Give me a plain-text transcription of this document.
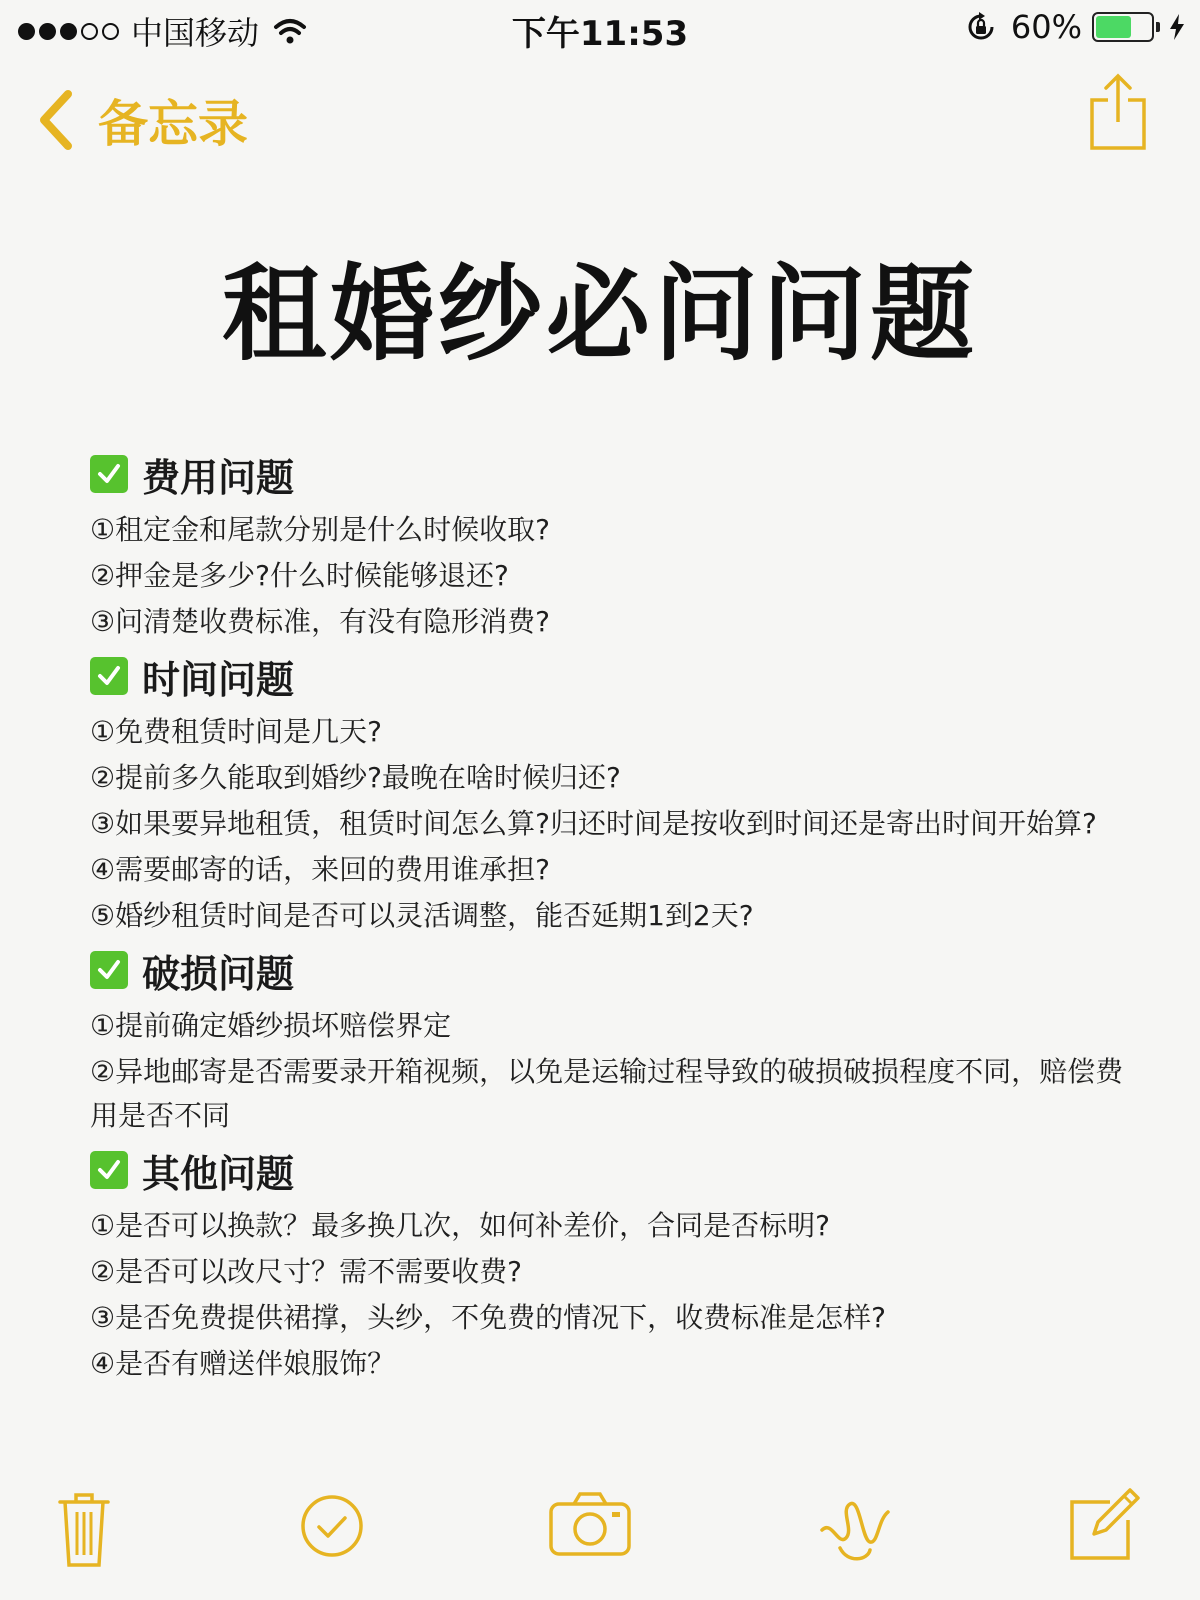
中国移动	下午11:53	60%
备忘录
租婚纱必问问题
费用问题
①租定金和尾款分别是什么时候收取?
②押金是多少?什么时候能够退还?
③问清楚收费标准，有没有隐形消费?
时间问题
①免费租赁时间是几天?
②提前多久能取到婚纱?最晚在啥时候归还?
③如果要异地租赁，租赁时间怎么算?归还时间是按收到时间还是寄出时间开始算?
④需要邮寄的话，来回的费用谁承担?
⑤婚纱租赁时间是否可以灵活调整，能否延期1到2天?
破损问题
①提前确定婚纱损坏赔偿界定
②异地邮寄是否需要录开箱视频，以免是运输过程导致的破损破损程度不同，赔偿费用是否不同
其他问题
①是否可以换款？最多换几次，如何补差价，合同是否标明?
②是否可以改尺寸？需不需要收费?
③是否免费提供裙撑，头纱，不免费的情况下，收费标准是怎样?
④是否有赠送伴娘服饰？
